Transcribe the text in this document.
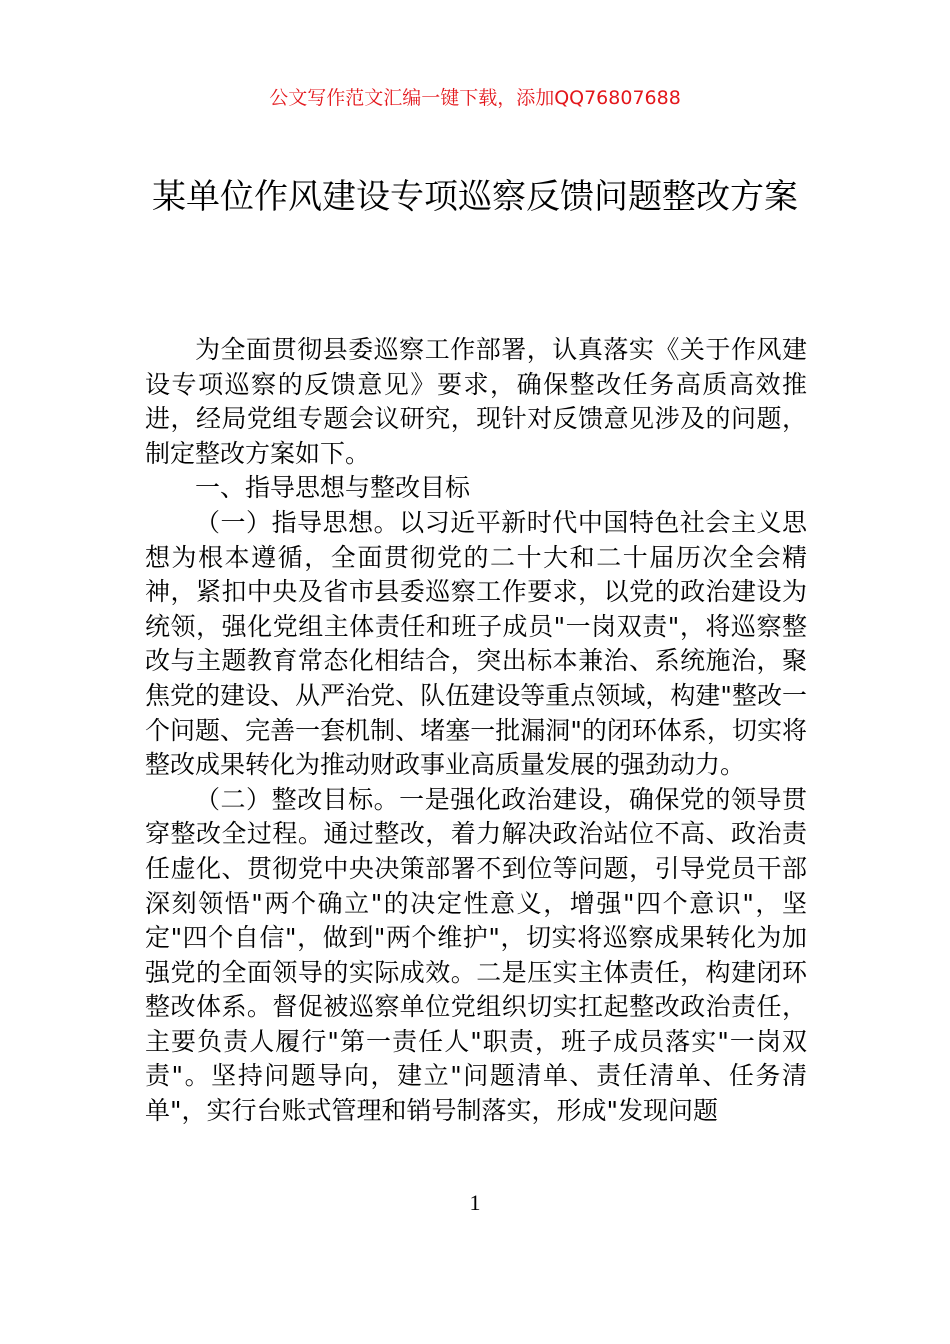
公文写作范文汇编一键下载，添加QQ76807688
某单位作风建设专项巡察反馈问题整改方案

为全面贯彻县委巡察工作部署，认真落实《关于作风建设专项巡察的反馈意见》要求，确保整改任务高质高效推进，经局党组专题会议研究，现针对反馈意见涉及的问题，制定整改方案如下。

一、指导思想与整改目标

（一）指导思想。以习近平新时代中国特色社会主义思想为根本遵循，全面贯彻党的二十大和二十届历次全会精神，紧扣中央及省市县委巡察工作要求，以党的政治建设为统领，强化党组主体责任和班子成员"一岗双责"，将巡察整改与主题教育常态化相结合，突出标本兼治、系统施治，聚焦党的建设、从严治党、队伍建设等重点领域，构建"整改一个问题、完善一套机制、堵塞一批漏洞"的闭环体系，切实将整改成果转化为推动财政事业高质量发展的强劲动力。

（二）整改目标。一是强化政治建设，确保党的领导贯穿整改全过程。通过整改，着力解决政治站位不高、政治责任虚化、贯彻党中央决策部署不到位等问题，引导党员干部深刻领悟"两个确立"的决定性意义，增强"四个意识"，坚定"四个自信"，做到"两个维护"，切实将巡察成果转化为加强党的全面领导的实际成效。二是压实主体责任，构建闭环整改体系。督促被巡察单位党组织切实扛起整改政治责任，主要负责人履行"第一责任人"职责，班子成员落实"一岗双责"。坚持问题导向，建立"问题清单、责任清单、任务清单"，实行台账式管理和销号制落实，形成"发现问题

1
